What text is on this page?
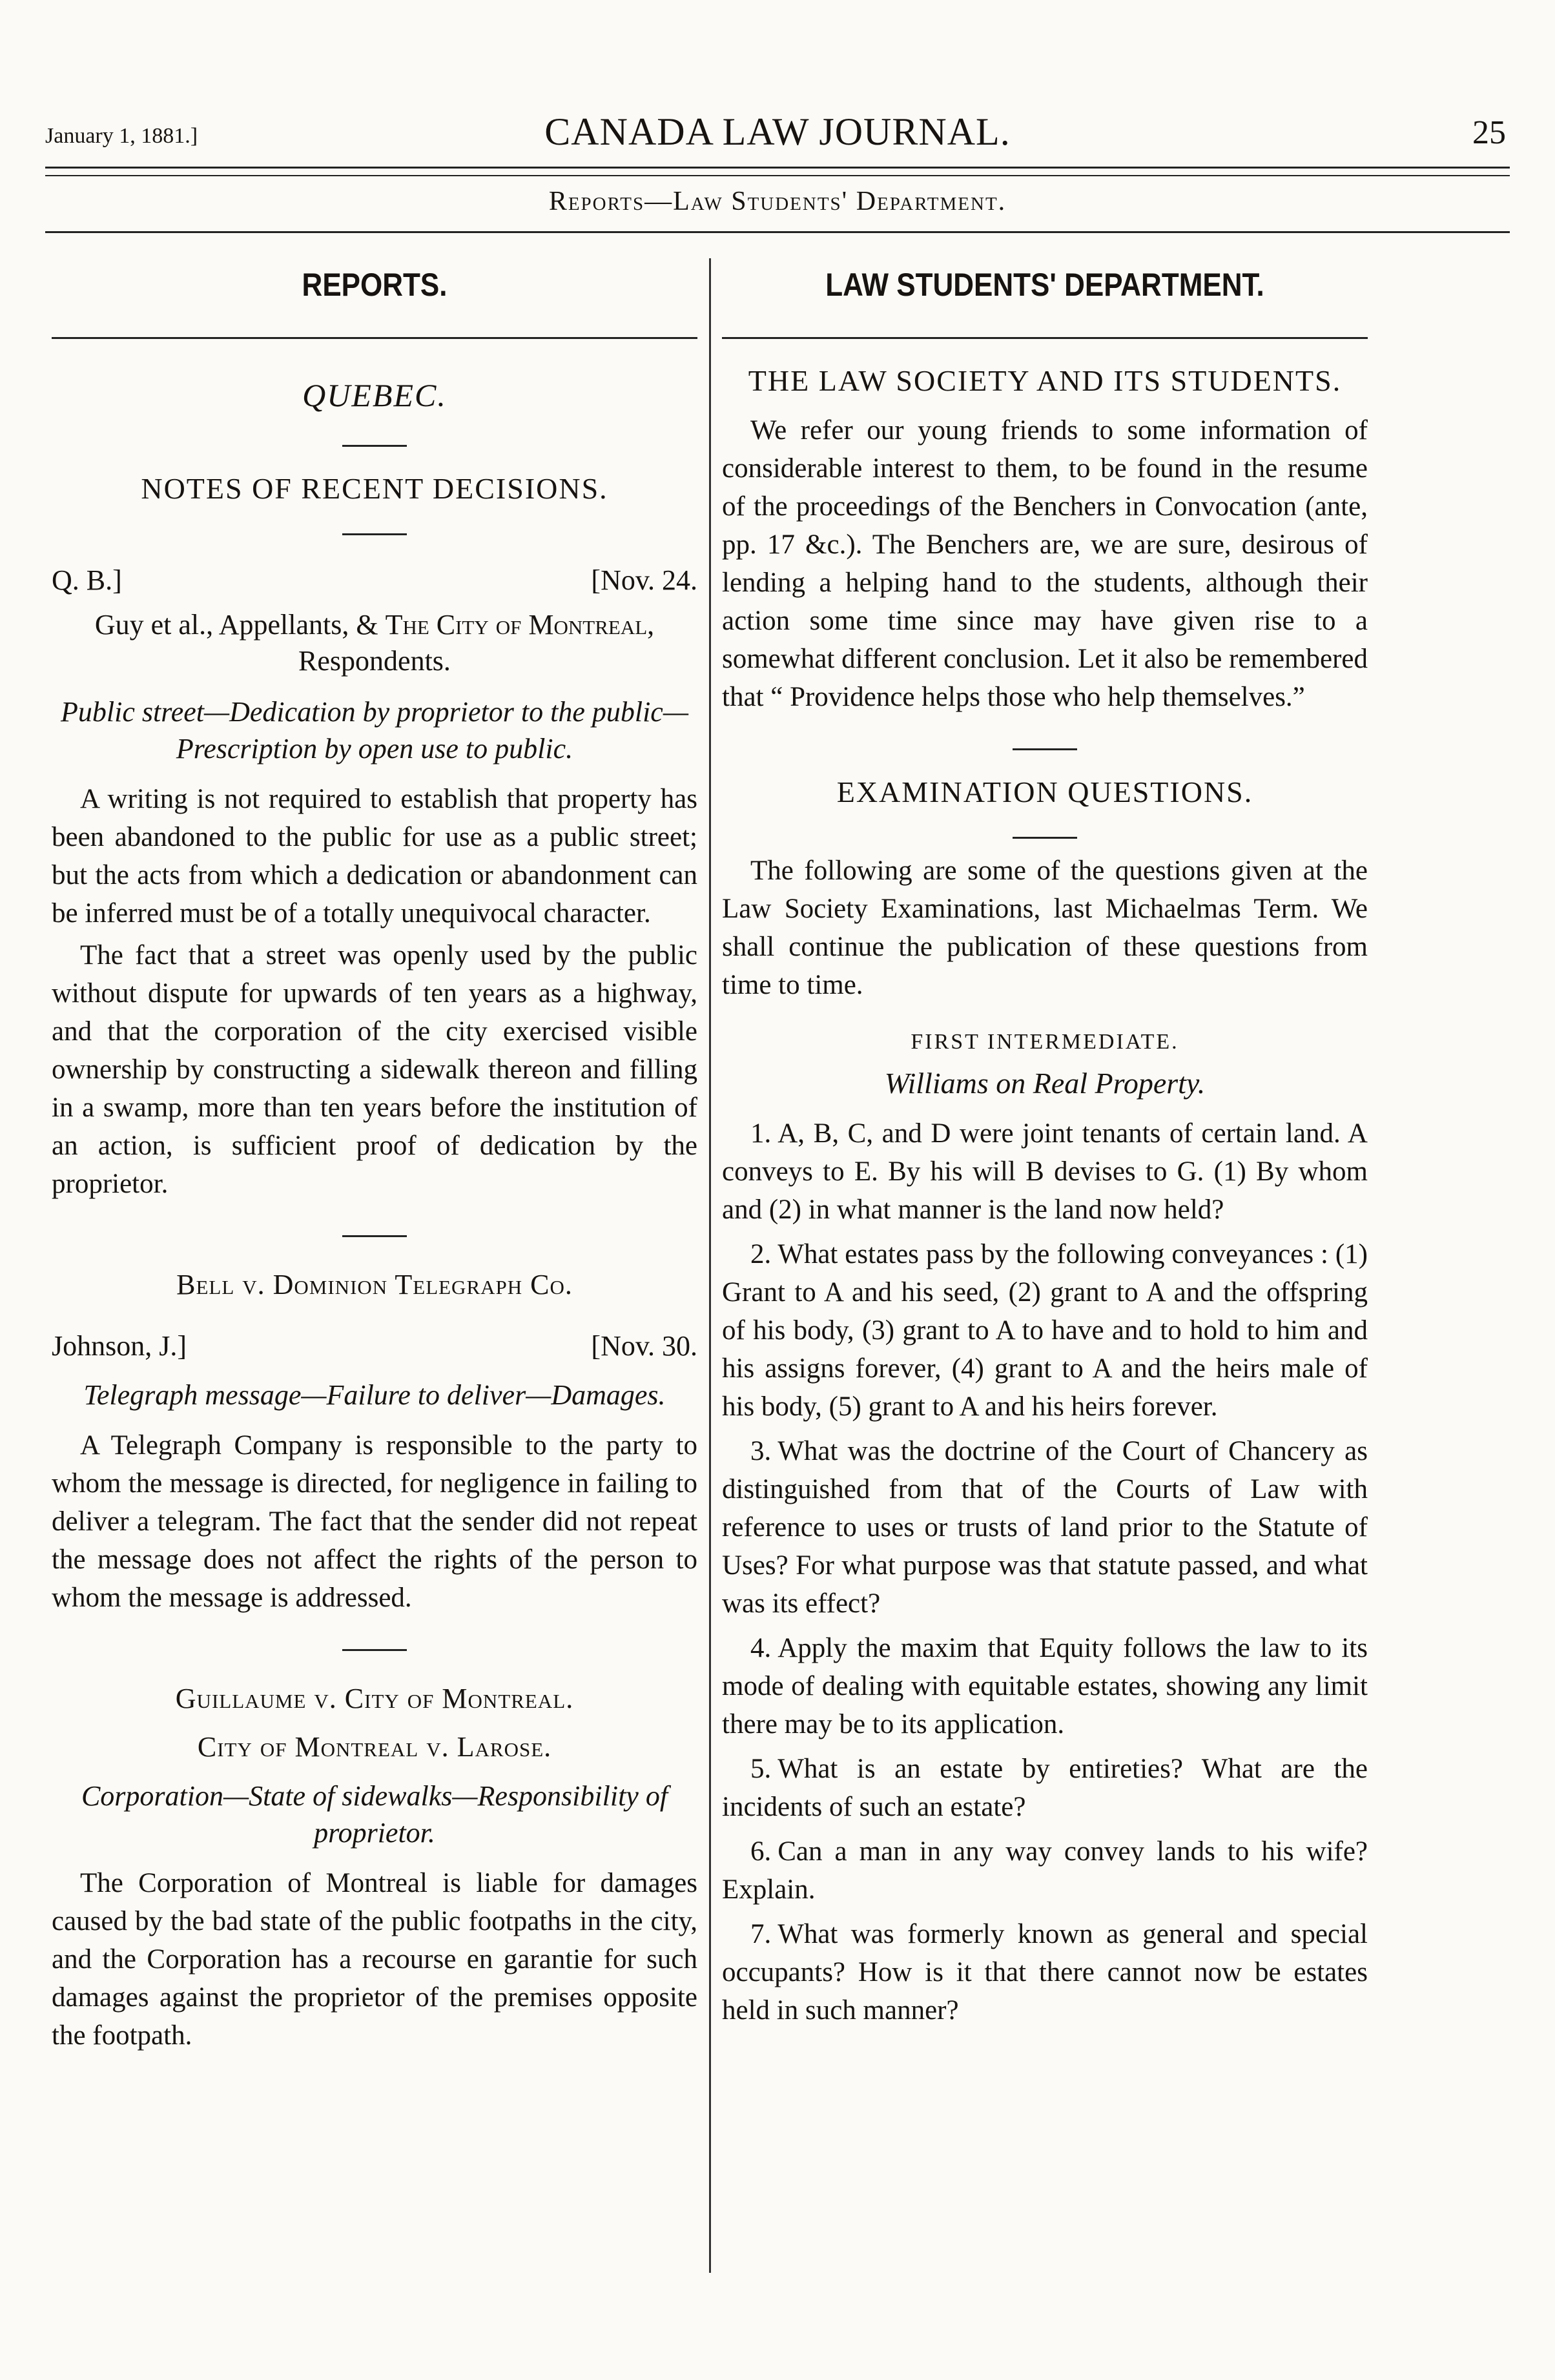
January 1, 1881.]	CANADA LAW JOURNAL.	25
Reports—Law Students' Department.
REPORTS.
QUEBEC.
NOTES OF RECENT DECISIONS.
Q. B.]	[Nov. 24.
Guy et al., Appellants, & The City of Montreal, Respondents.
Public street—Dedication by proprietor to the public—Prescription by open use to public.

A writing is not required to establish that property has been abandoned to the public for use as a public street; but the acts from which a dedication or abandonment can be inferred must be of a totally unequivocal character.

The fact that a street was openly used by the public without dispute for upwards of ten years as a highway, and that the corporation of the city exercised visible ownership by constructing a sidewalk thereon and filling in a swamp, more than ten years before the institution of an action, is sufficient proof of dedication by the proprietor.

Bell v. Dominion Telegraph Co.
Johnson, J.]	[Nov. 30.
Telegraph message—Failure to deliver—Damages.

A Telegraph Company is responsible to the party to whom the message is directed, for negligence in failing to deliver a telegram. The fact that the sender did not repeat the message does not affect the rights of the person to whom the message is addressed.

Guillaume v. City of Montreal.
City of Montreal v. Larose.
Corporation—State of sidewalks—Responsibility of proprietor.

The Corporation of Montreal is liable for damages caused by the bad state of the public footpaths in the city, and the Corporation has a recourse en garantie for such damages against the proprietor of the premises opposite the footpath.

LAW STUDENTS' DEPARTMENT.
THE LAW SOCIETY AND ITS STUDENTS.

We refer our young friends to some information of considerable interest to them, to be found in the resume of the proceedings of the Benchers in Convocation (ante, pp. 17 &c.). The Benchers are, we are sure, desirous of lending a helping hand to the students, although their action some time since may have given rise to a somewhat different conclusion. Let it also be remembered that “ Providence helps those who help themselves.”

EXAMINATION QUESTIONS.

The following are some of the questions given at the Law Society Examinations, last Michaelmas Term. We shall continue the publication of these questions from time to time.

FIRST INTERMEDIATE.
Williams on Real Property.
1. A, B, C, and D were joint tenants of certain land. A conveys to E. By his will B devises to G. (1) By whom and (2) in what manner is the land now held?
2. What estates pass by the following conveyances : (1) Grant to A and his seed, (2) grant to A and the offspring of his body, (3) grant to A to have and to hold to him and his assigns forever, (4) grant to A and the heirs male of his body, (5) grant to A and his heirs forever.
3. What was the doctrine of the Court of Chancery as distinguished from that of the Courts of Law with reference to uses or trusts of land prior to the Statute of Uses? For what purpose was that statute passed, and what was its effect?
4. Apply the maxim that Equity follows the law to its mode of dealing with equitable estates, showing any limit there may be to its application.
5. What is an estate by entireties? What are the incidents of such an estate?
6. Can a man in any way convey lands to his wife? Explain.
7. What was formerly known as general and special occupants? How is it that there cannot now be estates held in such manner?
